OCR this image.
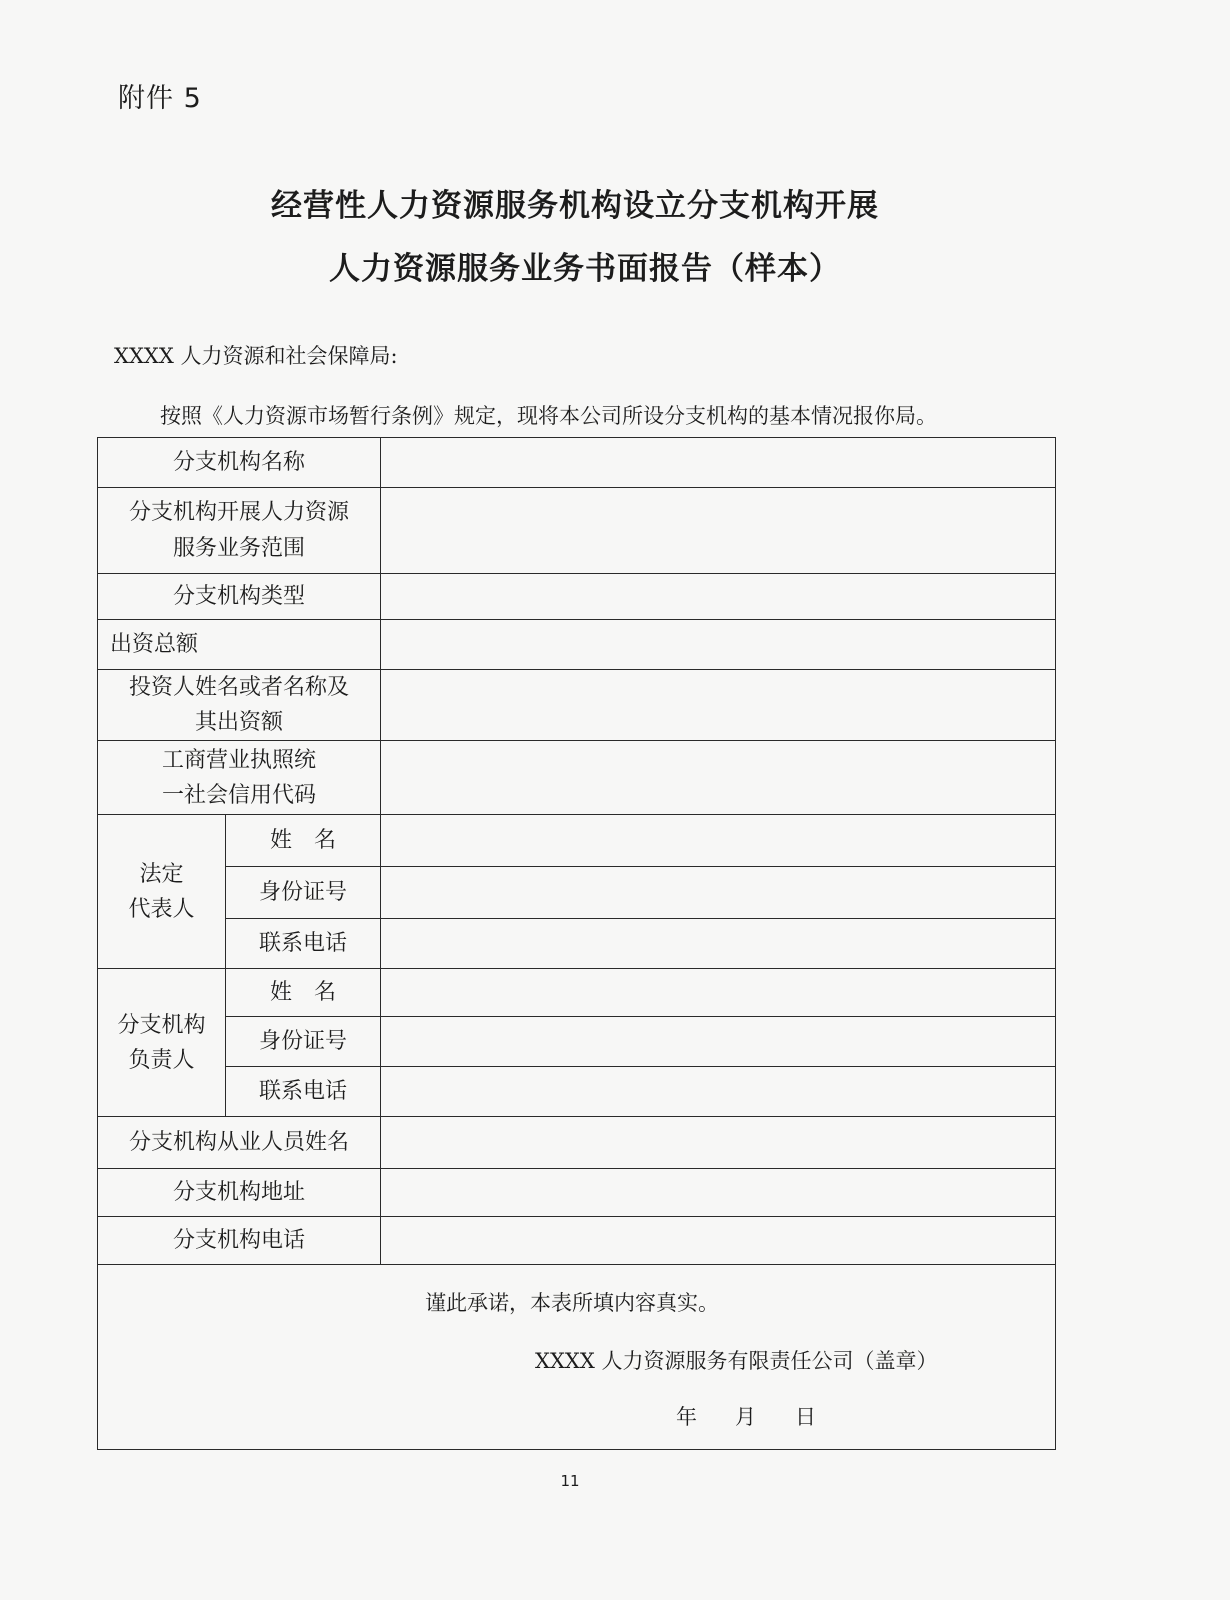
附件 5
经营性人力资源服务机构设立分支机构开展
人力资源服务业务书面报告（样本）
XXXX 人力资源和社会保障局:
按照《人力资源市场暂行条例》规定，现将本公司所设分支机构的基本情况报你局。
分支机构名称		

分支机构开展人力资源
服务业务范围		

分支机构类型		
出资总额		

投资人姓名或者名称及
其出资额		

工商营业执照统
一社会信用代码		

法定
代表人	姓　名	
	身份证号	
	联系电话	

分支机构
负责人	姓　名	
	身份证号	
	联系电话	
分支机构从业人员姓名		
分支机构地址		
分支机构电话		

谨此承诺，本表所填内容真实。
XXXX 人力资源服务有限责任公司（盖章）
年 月 日		
11
